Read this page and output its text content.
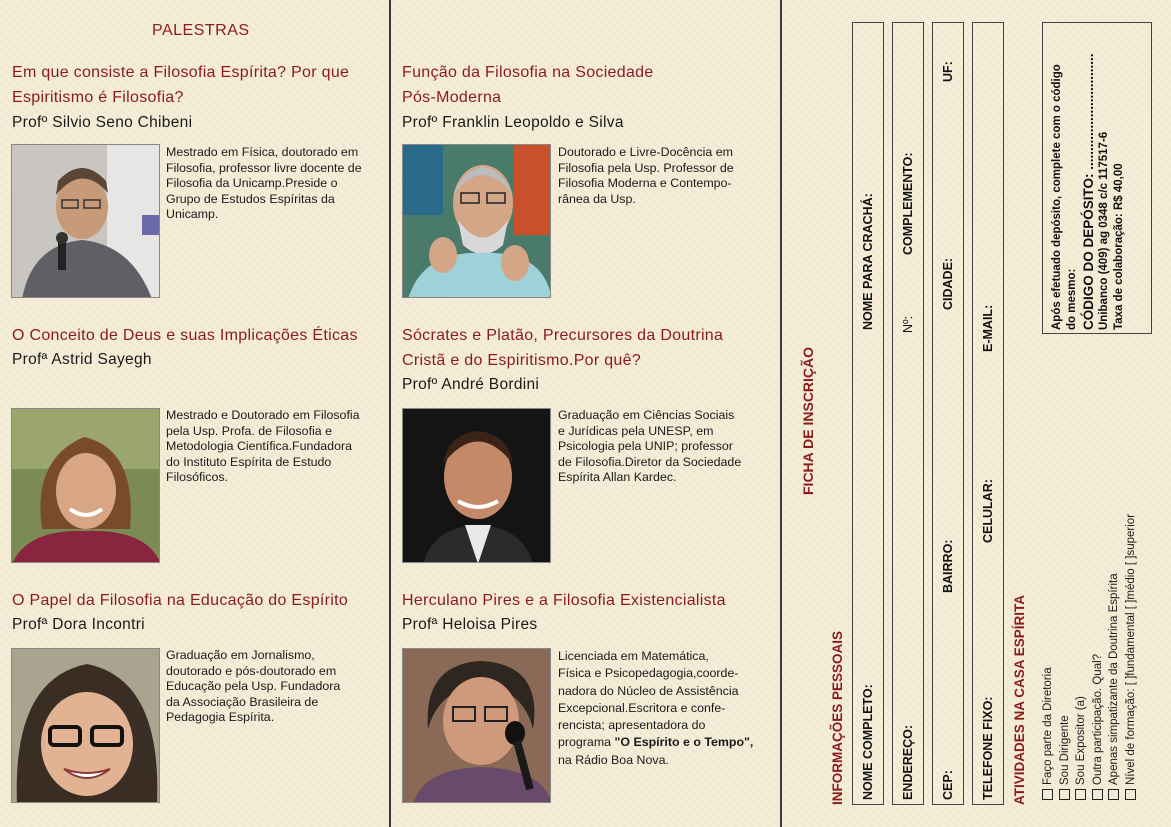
PALESTRAS
Em que consiste a Filosofia Espírita? Por que
Espiritismo é Filosofia?
Profº Silvio Seno Chibeni
Mestrado em Física, doutorado em
Filosofia, professor livre docente de
Filosofia da Unicamp.Preside o
Grupo de Estudos Espíritas da
Unicamp.
O Conceito de Deus e suas Implicações Éticas
Profª Astrid Sayegh
Mestrado e Doutorado em Filosofia
pela Usp. Profa. de Filosofia e
Metodologia Científica.Fundadora
do Instituto Espírita de Estudo
Filosóficos.
O Papel da Filosofia na Educação do Espírito
Profª Dora Incontri
Graduação em Jornalismo,
doutorado e pós-doutorado em
Educação pela Usp. Fundadora
da Associação Brasileira de
Pedagogia Espírita.
Função da Filosofia na Sociedade
Pós-Moderna
Profº Franklin Leopoldo e Silva
Doutorado e Livre-Docência em
Filosofia pela Usp. Professor de
Filosofia Moderna e Contempo-
rânea da Usp.
Sócrates e Platão, Precursores da Doutrina
Cristã e do Espiritismo.Por quê?
Profº André Bordini
Graduação em Ciências Sociais
e Jurídicas pela UNESP, em
Psicologia pela UNIP; professor
de Filosofia.Diretor da Sociedade
Espírita Allan Kardec.
Herculano Pires e a Filosofia Existencialista
Profª Heloisa Pires
Licenciada em Matemática,
Física e Psicopedagogia,coorde-
nadora do Núcleo de Assistência
Excepcional.Escritora e confe-
rencista; apresentadora do
programa "O Espírito e o Tempo",
na Rádio Boa Nova.
FICHA DE INSCRIÇÃO
INFORMAÇÕES PESSOAIS NOME COMPLETO:
NOME PARA CRACHÁ:
ENDEREÇO:
Nº:
COMPLEMENTO:
CEP:
BAIRRO:
CIDADE:
UF:
TELEFONE FIXO:
CELULAR:
E-MAIL:
ATIVIDADES NA CASA ESPÍRITA Faço parte da Diretoria Sou Dirigente Sou Expositor (a) Outra participação. Qual? Apenas simpatizante da Doutrina Espírita Nível de formação: [ ]fundamental [ ]médio [ ]superior
Após efetuado depósito, complete com o código do mesmo: CÓDIGO DO DEPÓSITO: ............................... Unibanco (409) ag 0348 c/c 117517-6 Taxa de colaboração: R$ 40,00
